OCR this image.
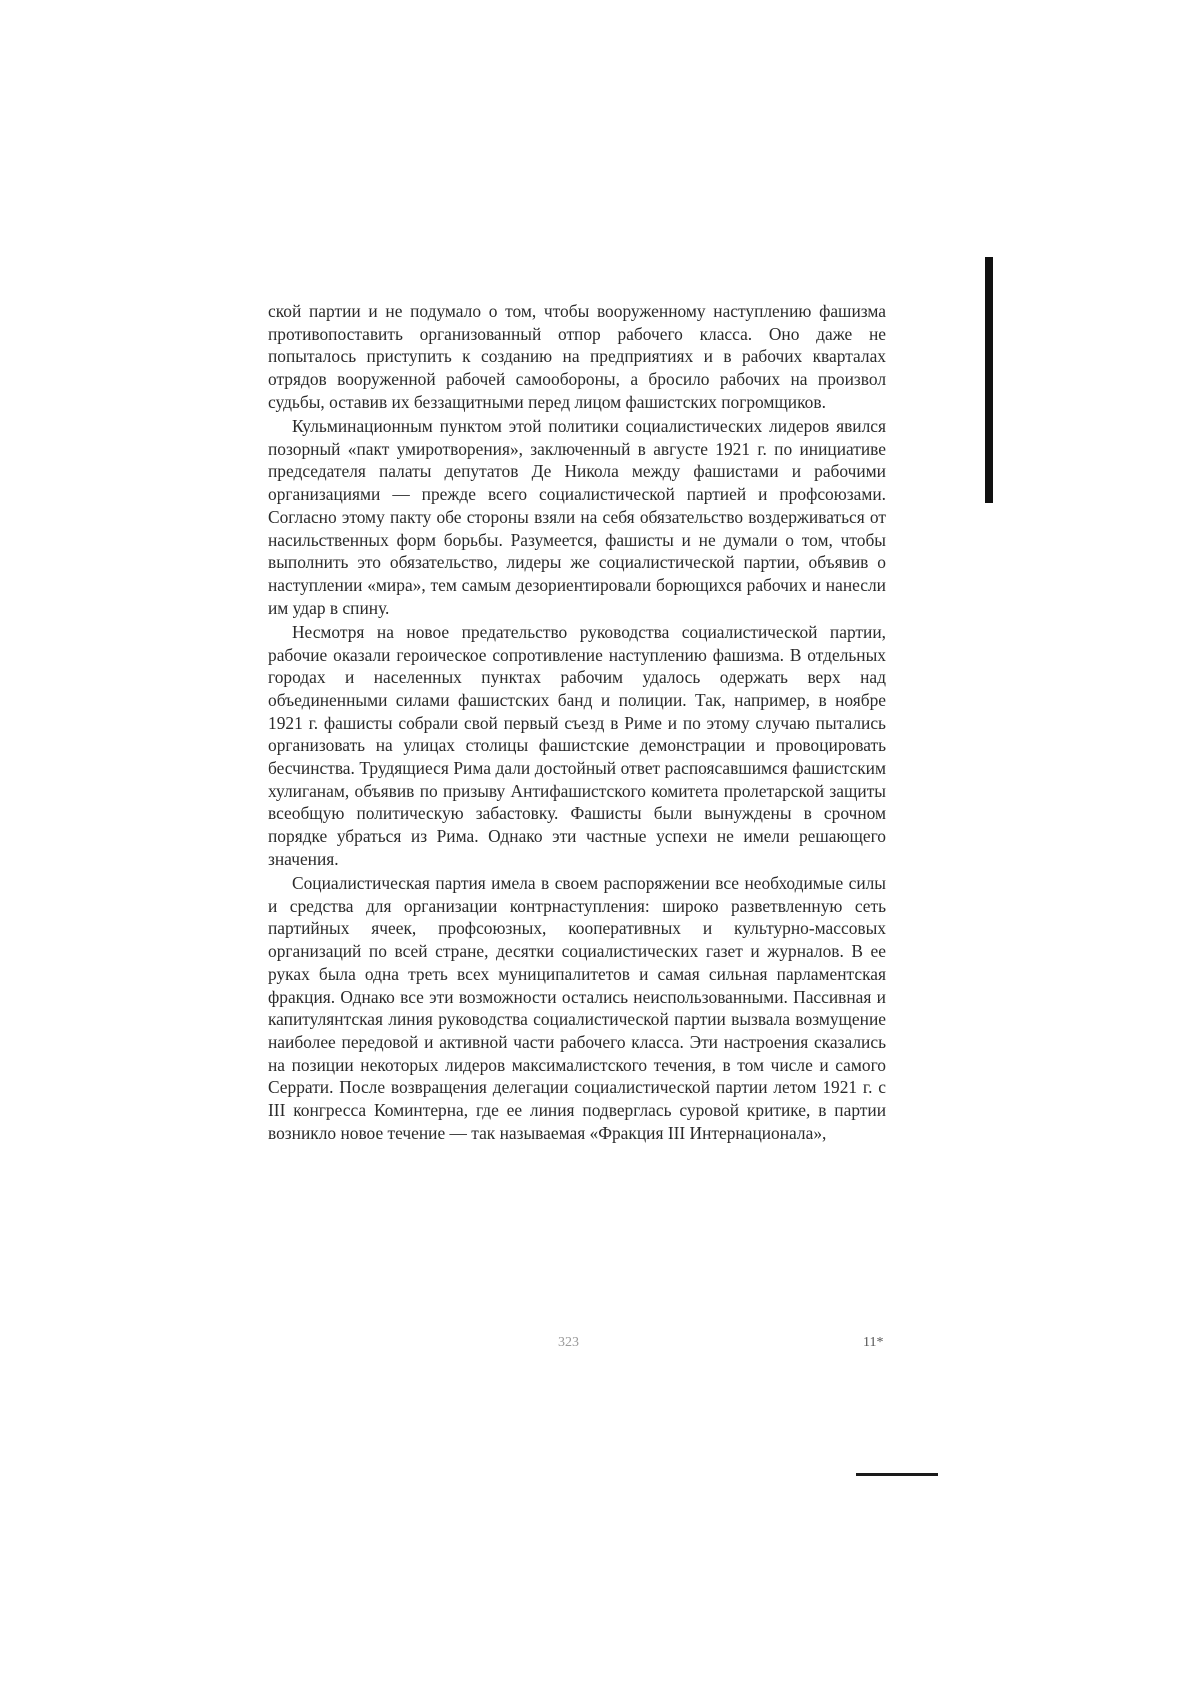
ской партии и не подумало о том, чтобы вооруженному наступлению фашизма противопоставить организованный отпор рабочего класса. Оно даже не попыталось приступить к созданию на предприятиях и в рабочих кварталах отрядов вооруженной рабочей самообороны, а бросило рабочих на произвол судьбы, оставив их беззащитными перед лицом фашистских погромщиков.

Кульминационным пунктом этой политики социалистических лидеров явился позорный «пакт умиротворения», заключенный в августе 1921 г. по инициативе председателя палаты депутатов Де Никола между фашистами и рабочими организациями — прежде всего социалистической партией и профсоюзами. Согласно этому пакту обе стороны взяли на себя обязательство воздерживаться от насильственных форм борьбы. Разумеется, фашисты и не думали о том, чтобы выполнить это обязательство, лидеры же социалистической партии, объявив о наступлении «мира», тем самым дезориентировали борющихся рабочих и нанесли им удар в спину.

Несмотря на новое предательство руководства социалистической партии, рабочие оказали героическое сопротивление наступлению фашизма. В отдельных городах и населенных пунктах рабочим удалось одержать верх над объединенными силами фашистских банд и полиции. Так, например, в ноябре 1921 г. фашисты собрали свой первый съезд в Риме и по этому случаю пытались организовать на улицах столицы фашистские демонстрации и провоцировать бесчинства. Трудящиеся Рима дали достойный ответ распоясавшимся фашистским хулиганам, объявив по призыву Антифашистского комитета пролетарской защиты всеобщую политическую забастовку. Фашисты были вынуждены в срочном порядке убраться из Рима. Однако эти частные успехи не имели решающего значения.

Социалистическая партия имела в своем распоряжении все необходимые силы и средства для организации контрнаступления: широко разветвленную сеть партийных ячеек, профсоюзных, кооперативных и культурно-массовых организаций по всей стране, десятки социалистических газет и журналов. В ее руках была одна треть всех муниципалитетов и самая сильная парламентская фракция. Однако все эти возможности остались неиспользованными. Пассивная и капитулянтская линия руководства социалистической партии вызвала возмущение наиболее передовой и активной части рабочего класса. Эти настроения сказались на позиции некоторых лидеров максималистского течения, в том числе и самого Серрати. После возвращения делегации социалистической партии летом 1921 г. с III конгресса Коминтерна, где ее линия подверглась суровой критике, в партии возникло новое течение — так называемая «Фракция III Интернационала»,

323	11*
